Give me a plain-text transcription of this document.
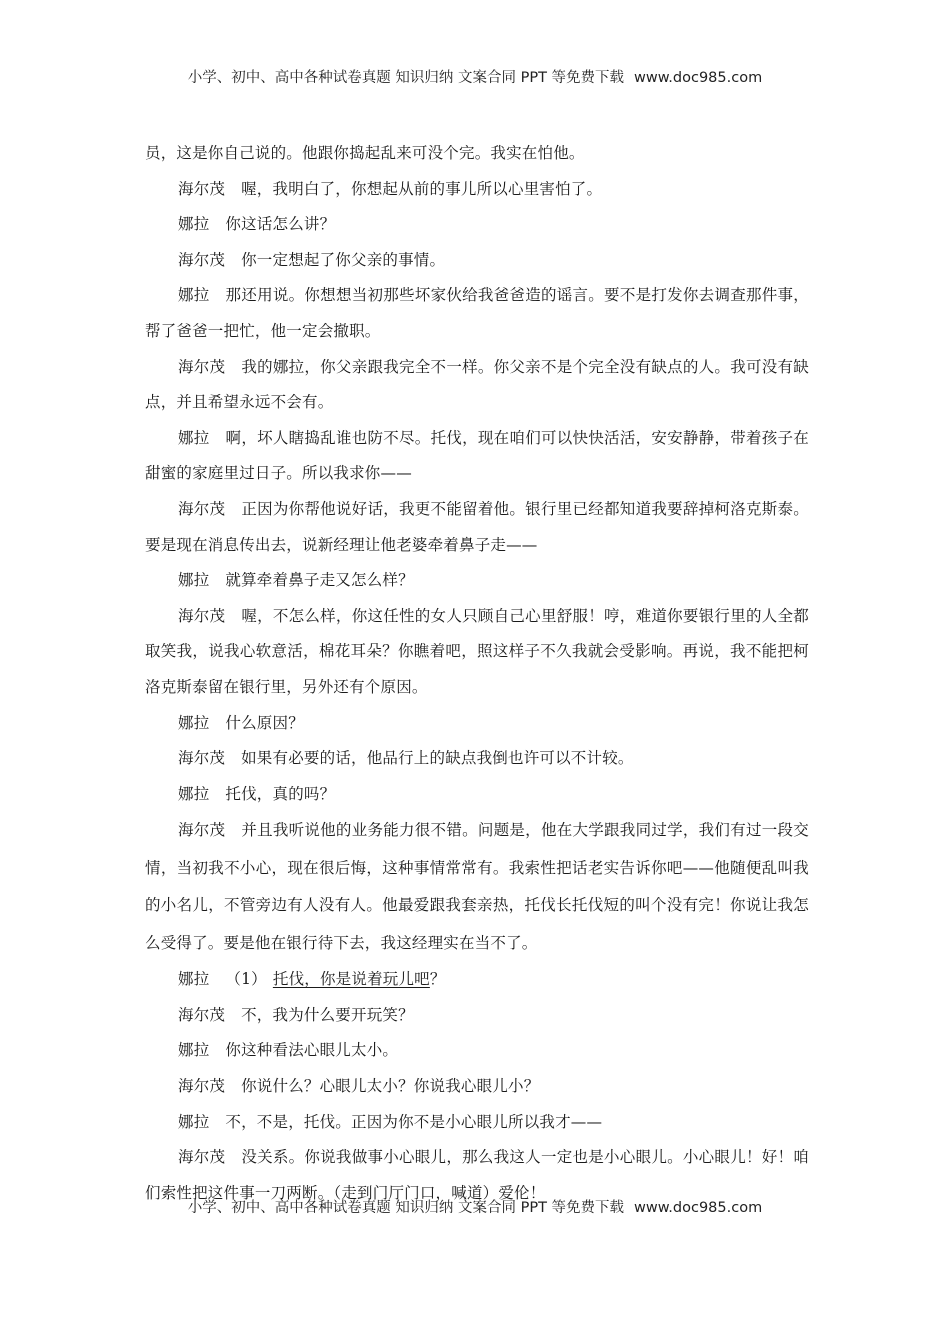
小学、初中、高中各种试卷真题 知识归纳 文案合同 PPT 等免费下载 www.doc985.com

员，这是你自己说的。他跟你捣起乱来可没个完。我实在怕他。

海尔茂 喔，我明白了，你想起从前的事儿所以心里害怕了。

娜拉 你这话怎么讲？

海尔茂 你一定想起了你父亲的事情。

娜拉 那还用说。你想想当初那些坏家伙给我爸爸造的谣言。要不是打发你去调查那件事，帮了爸爸一把忙，他一定会撤职。

海尔茂 我的娜拉，你父亲跟我完全不一样。你父亲不是个完全没有缺点的人。我可没有缺点，并且希望永远不会有。

娜拉 啊，坏人瞎捣乱谁也防不尽。托伐，现在咱们可以快快活活，安安静静，带着孩子在甜蜜的家庭里过日子。所以我求你——

海尔茂 正因为你帮他说好话，我更不能留着他。银行里已经都知道我要辞掉柯洛克斯泰。要是现在消息传出去，说新经理让他老婆牵着鼻子走——

娜拉 就算牵着鼻子走又怎么样？

海尔茂 喔，不怎么样，你这任性的女人只顾自己心里舒服！哼，难道你要银行里的人全都取笑我，说我心软意活，棉花耳朵？你瞧着吧，照这样子不久我就会受影响。再说，我不能把柯洛克斯泰留在银行里，另外还有个原因。

娜拉 什么原因？

海尔茂 如果有必要的话，他品行上的缺点我倒也许可以不计较。

娜拉 托伐，真的吗？

海尔茂 并且我听说他的业务能力很不错。问题是，他在大学跟我同过学，我们有过一段交情，当初我不小心，现在很后悔，这种事情常常有。我索性把话老实告诉你吧——他随便乱叫我的小名儿，不管旁边有人没有人。他最爱跟我套亲热，托伐长托伐短的叫个没有完！你说让我怎么受得了。要是他在银行待下去，我这经理实在当不了。

娜拉 （1） 托伐，你是说着玩儿吧？

海尔茂 不，我为什么要开玩笑？

娜拉 你这种看法心眼儿太小。

海尔茂 你说什么？心眼儿太小？你说我心眼儿小？

娜拉 不，不是，托伐。正因为你不是小心眼儿所以我才——

海尔茂 没关系。你说我做事小心眼儿，那么我这人一定也是小心眼儿。小心眼儿！好！咱们索性把这件事一刀两断。（走到门厅门口，喊道）爱伦！

小学、初中、高中各种试卷真题 知识归纳 文案合同 PPT 等免费下载 www.doc985.com
